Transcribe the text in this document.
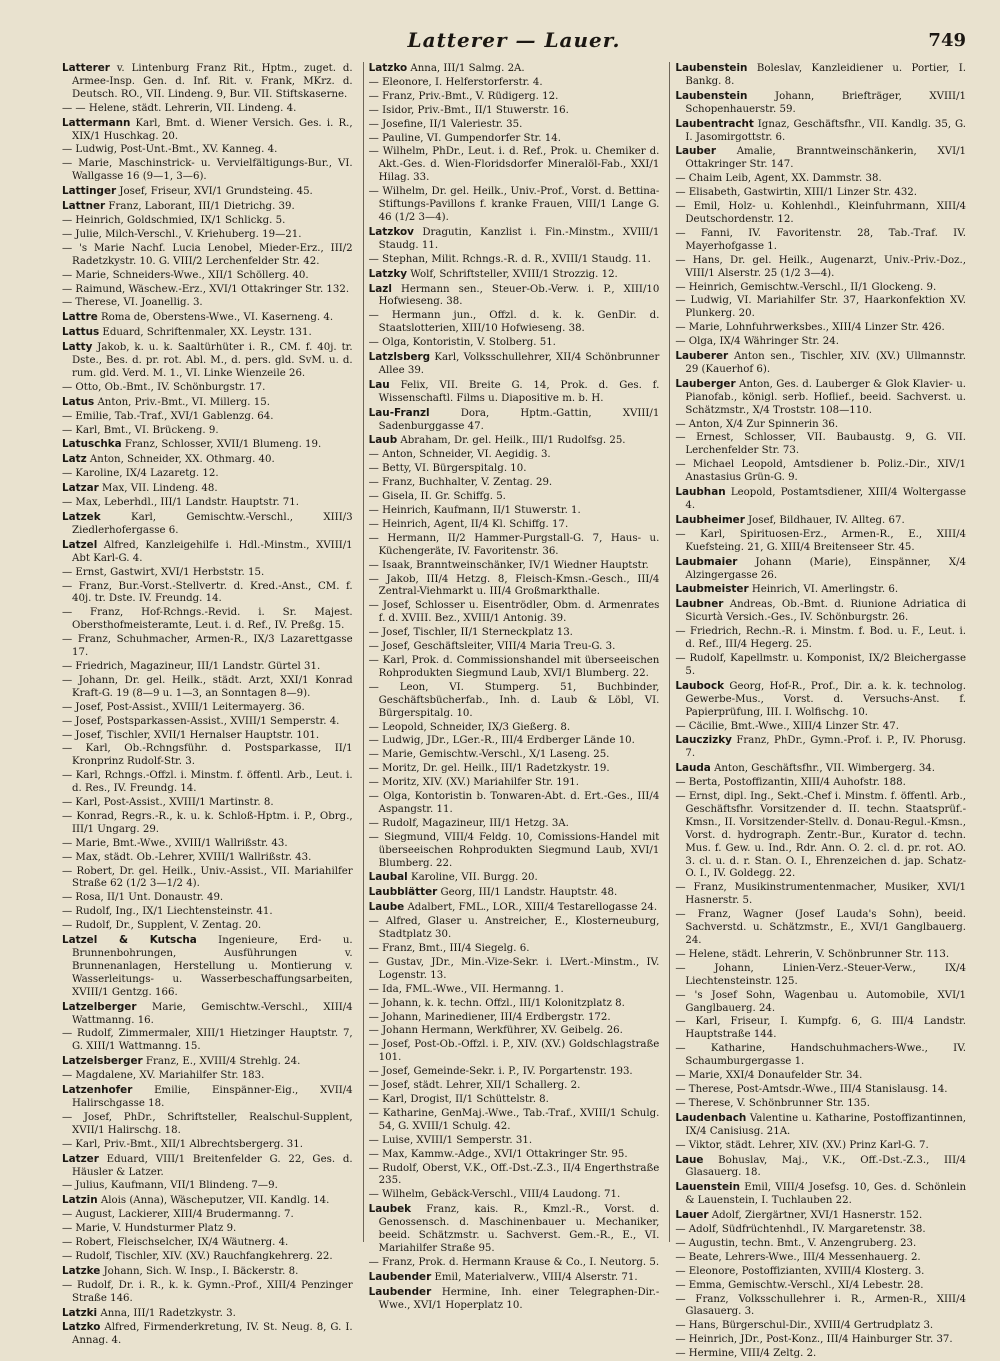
Latterer — Lauer.	749

Latterer v. Lintenburg Franz Rit., Hptm., zuget. d. Armee-Insp. Gen. d. Inf. Rit. v. Frank, MKrz. d. Deutsch. RO., VII. Lindeng. 9, Bur. VII. Stiftskaserne.

— — Helene, städt. Lehrerin, VII. Lindeng. 4.

Lattermann Karl, Bmt. d. Wiener Versich. Ges. i. R., XIX/1 Huschkag. 20.

— Ludwig, Post-Unt.-Bmt., XV. Kanneg. 4.

— Marie, Maschinstrick- u. Vervielfältigungs-Bur., VI. Wallgasse 16 (9—1, 3—6).

Lattinger Josef, Friseur, XVI/1 Grundsteing. 45.

Lattner Franz, Laborant, III/1 Dietrichg. 39.

— Heinrich, Goldschmied, IX/1 Schlickg. 5.

— Julie, Milch-Verschl., V. Kriehuberg. 19—21.

— 's Marie Nachf. Lucia Lenobel, Mieder-Erz., III/2 Radetzkystr. 10. G. VIII/2 Lerchenfelder Str. 42.

— Marie, Schneiders-Wwe., XII/1 Schöllerg. 40.

— Raimund, Wäschew.-Erz., XVI/1 Ottakringer Str. 132.

— Therese, VI. Joanellig. 3.

Lattre Roma de, Oberstens-Wwe., VI. Kaserneng. 4.

Lattus Eduard, Schriftenmaler, XX. Leystr. 131.

Latty Jakob, k. u. k. Saaltürhüter i. R., CM. f. 40j. tr. Dste., Bes. d. pr. rot. Abl. M., d. pers. gld. SvM. u. d. rum. gld. Verd. M. 1., VI. Linke Wienzeile 26.

— Otto, Ob.-Bmt., IV. Schönburgstr. 17.

Latus Anton, Priv.-Bmt., VI. Millerg. 15.

— Emilie, Tab.-Traf., XVI/1 Gablenzg. 64.

— Karl, Bmt., VI. Brückeng. 9.

Latuschka Franz, Schlosser, XVII/1 Blumeng. 19.

Latz Anton, Schneider, XX. Othmarg. 40.

— Karoline, IX/4 Lazaretg. 12.

Latzar Max, VII. Lindeng. 48.

— Max, Leberhdl., III/1 Landstr. Hauptstr. 71.

Latzek	Karl, Gemischtw.-Verschl., XIII/3 Ziedlerhofergasse 6.

Latzel Alfred, Kanzleigehilfe i. Hdl.-Minstm., XVIII/1 Abt Karl-G. 4.

— Ernst, Gastwirt, XVI/1 Herbststr. 15.

— Franz, Bur.-Vorst.-Stellvertr. d. Kred.-Anst., CM. f. 40j. tr. Dste. IV. Freundg. 14.

— Franz, Hof-Rchngs.-Revid. i. Sr. Majest. Obersthofmeisteramte, Leut. i. d. Ref., IV. Preßg. 15.

— Franz, Schuhmacher, Armen-R., IX/3 Lazarettgasse 17.

— Friedrich, Magazineur, III/1 Landstr. Gürtel 31.

— Johann, Dr. gel. Heilk., städt. Arzt, XXI/1 Konrad Kraft-G. 19 (8—9 u. 1—3, an Sonntagen 8—9).

— Josef, Post-Assist., XVIII/1 Leitermayerg. 36.

— Josef, Postsparkassen-Assist., XVIII/1 Semperstr. 4.

— Josef, Tischler, XVII/1 Hernalser Hauptstr. 101.

— Karl, Ob.-Rchngsführ. d. Postsparkasse, II/1 Kronprinz Rudolf-Str. 3.

— Karl, Rchngs.-Offzl. i. Minstm. f. öffentl. Arb., Leut. i. d. Res., IV. Freundg. 14.

— Karl, Post-Assist., XVIII/1 Martinstr. 8.

— Konrad, Regrs.-R., k. u. k. Schloß-Hptm. i. P., Obrg., III/1 Ungarg. 29.

— Marie, Bmt.-Wwe., XVIII/1 Wallrißstr. 43.

— Max, städt. Ob.-Lehrer, XVIII/1 Wallrißstr. 43.

— Robert, Dr. gel. Heilk., Univ.-Assist., VII. Mariahilfer Straße 62 (1/2 3—1/2 4).

— Rosa, II/1 Unt. Donaustr. 49.

— Rudolf, Ing., IX/1 Liechtensteinstr. 41.

— Rudolf, Dr., Supplent, V. Zentag. 20.

Latzel & Kutscha Ingenieure, Erd- u. Brunnenbohrungen, Ausführungen v. Brunnenanlagen, Herstellung u. Montierung v. Wasserleitungs- u. Wasserbeschaffungsarbeiten, XVIII/1 Gentzg. 166.

Latzelberger Marie, Gemischtw.-Verschl., XIII/4 Wattmanng. 16.

— Rudolf, Zimmermaler, XIII/1 Hietzinger Hauptstr. 7, G. XIII/1 Wattmanng. 15.

Latzelsberger Franz, E., XVIII/4 Strehlg. 24.

— Magdalene, XV. Mariahilfer Str. 183.

Latzenhofer Emilie, Einspänner-Eig., XVII/4 Halirschgasse 18.

— Josef, PhDr., Schriftsteller, Realschul-Supplent, XVII/1 Halirschg. 18.

— Karl, Priv.-Bmt., XII/1 Albrechtsbergerg. 31.

Latzer Eduard, VIII/1 Breitenfelder G. 22, Ges. d. Häusler & Latzer.

— Julius, Kaufmann, VII/1 Blindeng. 7—9.

Latzin Alois (Anna), Wäscheputzer, VII. Kandlg. 14.

— August, Lackierer, XIII/4 Brudermanng. 7.

— Marie, V. Hundsturmer Platz 9.

— Robert, Fleischselcher, IX/4 Wäutnerg. 4.

— Rudolf, Tischler, XIV. (XV.) Rauchfangkehrerg. 22.

Latzke Johann, Sich. W. Insp., I. Bäckerstr. 8.

— Rudolf, Dr. i. R., k. k. Gymn.-Prof., XIII/4 Penzinger Straße 146.

Latzki Anna, III/1 Radetzkystr. 3.

Latzko Alfred, Firmenderkretung, IV. St. Neug. 8, G. I. Annag. 4.

Latzko Anna, III/1 Salmg. 2A.

— Eleonore, I. Helferstorferstr. 4.

— Franz, Priv.-Bmt., V. Rüdigerg. 12.

— Isidor, Priv.-Bmt., II/1 Stuwerstr. 16.

— Josefine, II/1 Valeriestr. 35.

— Pauline, VI. Gumpendorfer Str. 14.

— Wilhelm, PhDr., Leut. i. d. Ref., Prok. u. Chemiker d. Akt.-Ges. d. Wien-Floridsdorfer Mineralöl-Fab., XXI/1 Hilag. 33.

— Wilhelm, Dr. gel. Heilk., Univ.-Prof., Vorst. d. Bettina-Stiftungs-Pavillons f. kranke Frauen, VIII/1 Lange G. 46 (1/2 3—4).

Latzkov Dragutin, Kanzlist i. Fin.-Minstm., XVIII/1 Staudg. 11.

— Stephan, Milit. Rchngs.-R. d. R., XVIII/1 Staudg. 11.

Latzky Wolf, Schriftsteller, XVIII/1 Strozzig. 12.

Lazl Hermann sen., Steuer-Ob.-Verw. i. P., XIII/10 Hofwieseng. 38.

— Hermann jun., Offzl. d. k. k. GenDir. d. Staatslotterien, XIII/10 Hofwieseng. 38.

— Olga, Kontoristin, V. Stolberg. 51.

Latzlsberg Karl, Volksschullehrer, XII/4 Schönbrunner Allee 39.

Lau Felix, VII. Breite G. 14, Prok. d. Ges. f. Wissenschaftl. Films u. Diapositive m. b. H.

Lau-Franzl	Dora, Hptm.-Gattin, XVIII/1 Sadenburggasse 47.

Laub Abraham, Dr. gel. Heilk., III/1 Rudolfsg. 25.

— Anton, Schneider, VI. Aegidig. 3.

— Betty, VI. Bürgerspitalg. 10.

— Franz, Buchhalter, V. Zentag. 29.

— Gisela, II. Gr. Schiffg. 5.

— Heinrich, Kaufmann, II/1 Stuwerstr. 1.

— Heinrich, Agent, II/4 Kl. Schiffg. 17.

— Hermann, II/2 Hammer-Purgstall-G. 7, Haus- u. Küchengeräte, IV. Favoritenstr. 36.

— Isaak, Branntweinschänker, IV/1 Wiedner Hauptstr.

— Jakob, III/4 Hetzg. 8, Fleisch-Kmsn.-Gesch., III/4 Zentral-Viehmarkt u. III/4 Großmarkthalle.

— Josef, Schlosser u. Eisentrödler, Obm. d. Armenrates f. d. XVIII. Bez., XVIII/1 Antonig. 39.

— Josef, Tischler, II/1 Sterneckplatz 13.

— Josef, Geschäftsleiter, VIII/4 Maria Treu-G. 3.

— Karl, Prok. d. Commissionshandel mit überseeischen Rohprodukten Siegmund Laub, XVI/1 Blumberg. 22.

— Leon, VI. Stumperg. 51, Buchbinder, Geschäftsbücherfab., Inh. d. Laub & Löbl, VI. Bürgerspitalg. 10.

— Leopold, Schneider, IX/3 Gießerg. 8.

— Ludwig, JDr., LGer.-R., III/4 Erdberger Lände 10.

— Marie, Gemischtw.-Verschl., X/1 Laseng. 25.

— Moritz, Dr. gel. Heilk., III/1 Radetzkystr. 19.

— Moritz, XIV. (XV.) Mariahilfer Str. 191.

— Olga, Kontoristin b. Tonwaren-Abt. d. Ert.-Ges., III/4 Aspangstr. 11.

— Rudolf, Magazineur, III/1 Hetzg. 3A.

— Siegmund, VIII/4 Feldg. 10, Comissions-Handel mit überseeischen Rohprodukten Siegmund Laub, XVI/1 Blumberg. 22.

Laubal Karoline, VII. Burgg. 20.

Laubblätter Georg, III/1 Landstr. Hauptstr. 48.

Laube Adalbert, FML., LOR., XIII/4 Testarellogasse 24.

— Alfred, Glaser u. Anstreicher, E., Klosterneuburg, Stadtplatz 30.

— Franz, Bmt., III/4 Siegelg. 6.

— Gustav, JDr., Min.-Vize-Sekr. i. LVert.-Minstm., IV. Logenstr. 13.

— Ida, FML.-Wwe., VII. Hermanng. 1.

— Johann, k. k. techn. Offzl., III/1 Kolonitzplatz 8.

— Johann, Marinediener, III/4 Erdbergstr. 172.

— Johann Hermann, Werkführer, XV. Geibelg. 26.

— Josef, Post-Ob.-Offzl. i. P., XIV. (XV.) Goldschlagstraße 101.

— Josef, Gemeinde-Sekr. i. P., IV. Porgartenstr. 193.

— Josef, städt. Lehrer, XII/1 Schallerg. 2.

— Karl, Drogist, II/1 Schüttelstr. 8.

— Katharine, GenMaj.-Wwe., Tab.-Traf., XVIII/1 Schulg. 54, G. XVIII/1 Schulg. 42.

— Luise, XVIII/1 Semperstr. 31.

— Max, Kammw.-Adge., XVI/1 Ottakringer Str. 95.

— Rudolf, Oberst, V.K., Off.-Dst.-Z.3., II/4 Engerthstraße 235.

— Wilhelm, Gebäck-Verschl., VIII/4 Laudong. 71.

Laubek Franz, kais. R., Kmzl.-R., Vorst. d. Genossensch. d. Maschinenbauer u. Mechaniker, beeid. Schätzmstr. u. Sachverst. Gem.-R., E., VI. Mariahilfer Straße 95.

— Franz, Prok. d. Hermann Krause & Co., I. Neutorg. 5.

Laubender Emil, Materialverw., VIII/4 Alserstr. 71.

Laubender Hermine, Inh. einer Telegraphen-Dir.-Wwe., XVI/1 Hoperplatz 10.

Laubenstein Boleslav, Kanzleidiener u. Portier, I. Bankg. 8.

Laubenstein	Johann, Briefträger, XVIII/1 Schopenhauerstr. 59.

Laubentracht Ignaz, Geschäftsfhr., VII. Kandlg. 35, G. I. Jasomirgottstr. 6.

Lauber Amalie, Branntweinschänkerin, XVI/1 Ottakringer Str. 147.

— Chaim Leib, Agent, XX. Dammstr. 38.

— Elisabeth, Gastwirtin, XIII/1 Linzer Str. 432.

— Emil, Holz- u. Kohlenhdl., Kleinfuhrmann, XIII/4 Deutschordenstr. 12.

— Fanni, IV. Favoritenstr. 28, Tab.-Traf. IV. Mayerhofgasse 1.

— Hans, Dr. gel. Heilk., Augenarzt, Univ.-Priv.-Doz., VIII/1 Alserstr. 25 (1/2 3—4).

— Heinrich, Gemischtw.-Verschl., II/1 Glockeng. 9.

— Ludwig, VI. Mariahilfer Str. 37, Haarkonfektion XV. Plunkerg. 20.

— Marie, Lohnfuhrwerksbes., XIII/4 Linzer Str. 426.

— Olga, IX/4 Währinger Str. 24.

Lauberer Anton sen., Tischler, XIV. (XV.) Ullmannstr. 29 (Kauerhof 6).

Lauberger Anton, Ges. d. Lauberger & Glok Klavier- u. Pianofab., königl. serb. Hoflief., beeid. Sachverst. u. Schätzmstr., X/4 Troststr. 108—110.

— Anton, X/4 Zur Spinnerin 36.

— Ernest, Schlosser, VII. Baubaustg. 9, G. VII. Lerchenfelder Str. 73.

— Michael Leopold, Amtsdiener b. Poliz.-Dir., XIV/1 Anastasius Grün-G. 9.

Laubhan Leopold, Postamtsdiener, XIII/4 Woltergasse 4.

Laubheimer Josef, Bildhauer, IV. Allteg. 67.

— Karl, Spirituosen-Erz., Armen-R., E., XIII/4 Kuefsteing. 21, G. XIII/4 Breitenseer Str. 45.

Laubmaier Johann (Marie), Einspänner, X/4 Alzingergasse 26.

Laubmeister Heinrich, VI. Amerlingstr. 6.

Laubner Andreas, Ob.-Bmt. d. Riunione Adriatica di Sicurtà Versich.-Ges., IV. Schönburgstr. 26.

— Friedrich, Rechn.-R. i. Minstm. f. Bod. u. F., Leut. i. d. Ref., III/4 Hegerg. 25.

— Rudolf, Kapellmstr. u. Komponist, IX/2 Bleichergasse 5.

Laubock Georg, Hof-R., Prof., Dir. a. k. k. technolog. Gewerbe-Mus., Vorst. d. Versuchs-Anst. f. Papierprüfung, III. I. Wolfischg. 10.

— Cäcilie, Bmt.-Wwe., XIII/4 Linzer Str. 47.

Lauczizky Franz, PhDr., Gymn.-Prof. i. P., IV. Phorusg. 7.

Lauda Anton, Geschäftsfhr., VII. Wimbergerg. 34.

— Berta, Postoffizantin, XIII/4 Auhofstr. 188.

— Ernst, dipl. Ing., Sekt.-Chef i. Minstm. f. öffentl. Arb., Geschäftsfhr. Vorsitzender d. II. techn. Staatsprüf.-Kmsn., II. Vorsitzender-Stellv. d. Donau-Regul.-Kmsn., Vorst. d. hydrograph. Zentr.-Bur., Kurator d. techn. Mus. f. Gew. u. Ind., Rdr. Ann. O. 2. cl. d. pr. rot. AO. 3. cl. u. d. r. Stan. O. I., Ehrenzeichen d. jap. Schatz-O. I., IV. Goldegg. 22.

— Franz, Musikinstrumentenmacher, Musiker, XVI/1 Hasnerstr. 5.

— Franz, Wagner (Josef Lauda's Sohn), beeid. Sachverstd. u. Schätzmstr., E., XVI/1 Ganglbauerg. 24.

— Helene, städt. Lehrerin, V. Schönbrunner Str. 113.

— Johann, Linien-Verz.-Steuer-Verw., IX/4 Liechtensteinstr. 125.

— 's Josef Sohn, Wagenbau u. Automobile, XVI/1 Ganglbauerg. 24.

— Karl, Friseur, I. Kumpfg. 6, G. III/4 Landstr. Hauptstraße 144.

— Katharine, Handschuhmachers-Wwe., IV. Schaumburgergasse 1.

— Marie, XXI/4 Donaufelder Str. 34.

— Therese, Post-Amtsdr.-Wwe., III/4 Stanislausg. 14.

— Therese, V. Schönbrunner Str. 135.

Laudenbach Valentine u. Katharine, Postoffizantinnen, IX/4 Canisiusg. 21A.

— Viktor, städt. Lehrer, XIV. (XV.) Prinz Karl-G. 7.

Laue Bohuslav, Maj., V.K., Off.-Dst.-Z.3., III/4 Glasauerg. 18.

Lauenstein Emil, VIII/4 Josefsg. 10, Ges. d. Schönlein & Lauenstein, I. Tuchlauben 22.

Lauer Adolf, Ziergärtner, XVI/1 Hasnerstr. 152.

— Adolf, Südfrüchtenhdl., IV. Margaretenstr. 38.

— Augustin, techn. Bmt., V. Anzengruberg. 23.

— Beate, Lehrers-Wwe., III/4 Messenhauerg. 2.

— Eleonore, Postoffizianten, XVIII/4 Klosterg. 3.

— Emma, Gemischtw.-Verschl., XI/4 Lebestr. 28.

— Franz, Volksschullehrer i. R., Armen-R., XIII/4 Glasauerg. 3.

— Hans, Bürgerschul-Dir., XVIII/4 Gertrudplatz 3.

— Heinrich, JDr., Post-Konz., III/4 Hainburger Str. 37.

— Hermine, VIII/4 Zeltg. 2.
